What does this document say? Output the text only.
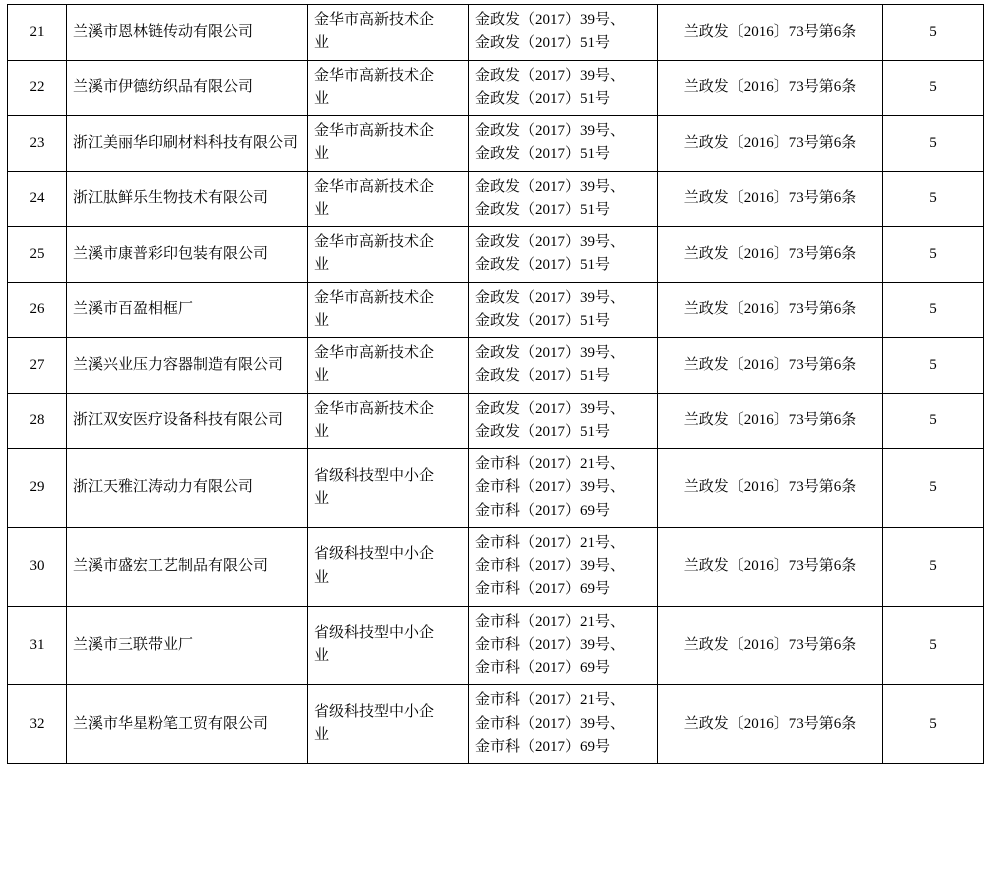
21	兰溪市恩林链传动有限公司	金华市高新技术企
业	金政发（2017）39号、
金政发（2017）51号	兰政发〔2016〕73号第6条	5
22	兰溪市伊德纺织品有限公司	金华市高新技术企
业	金政发（2017）39号、
金政发（2017）51号	兰政发〔2016〕73号第6条	5
23	浙江美丽华印刷材料科技有限公司	金华市高新技术企
业	金政发（2017）39号、
金政发（2017）51号	兰政发〔2016〕73号第6条	5
24	浙江肽鲜乐生物技术有限公司	金华市高新技术企
业	金政发（2017）39号、
金政发（2017）51号	兰政发〔2016〕73号第6条	5
25	兰溪市康普彩印包装有限公司	金华市高新技术企
业	金政发（2017）39号、
金政发（2017）51号	兰政发〔2016〕73号第6条	5
26	兰溪市百盈相框厂	金华市高新技术企
业	金政发（2017）39号、
金政发（2017）51号	兰政发〔2016〕73号第6条	5
27	兰溪兴业压力容器制造有限公司	金华市高新技术企
业	金政发（2017）39号、
金政发（2017）51号	兰政发〔2016〕73号第6条	5
28	浙江双安医疗设备科技有限公司	金华市高新技术企
业	金政发（2017）39号、
金政发（2017）51号	兰政发〔2016〕73号第6条	5
29	浙江天雅江涛动力有限公司	省级科技型中小企
业	金市科（2017）21号、
金市科（2017）39号、
金市科（2017）69号	兰政发〔2016〕73号第6条	5
30	兰溪市盛宏工艺制品有限公司	省级科技型中小企
业	金市科（2017）21号、
金市科（2017）39号、
金市科（2017）69号	兰政发〔2016〕73号第6条	5
31	兰溪市三联带业厂	省级科技型中小企
业	金市科（2017）21号、
金市科（2017）39号、
金市科（2017）69号	兰政发〔2016〕73号第6条	5
32	兰溪市华星粉笔工贸有限公司	省级科技型中小企
业	金市科（2017）21号、
金市科（2017）39号、
金市科（2017）69号	兰政发〔2016〕73号第6条	5
